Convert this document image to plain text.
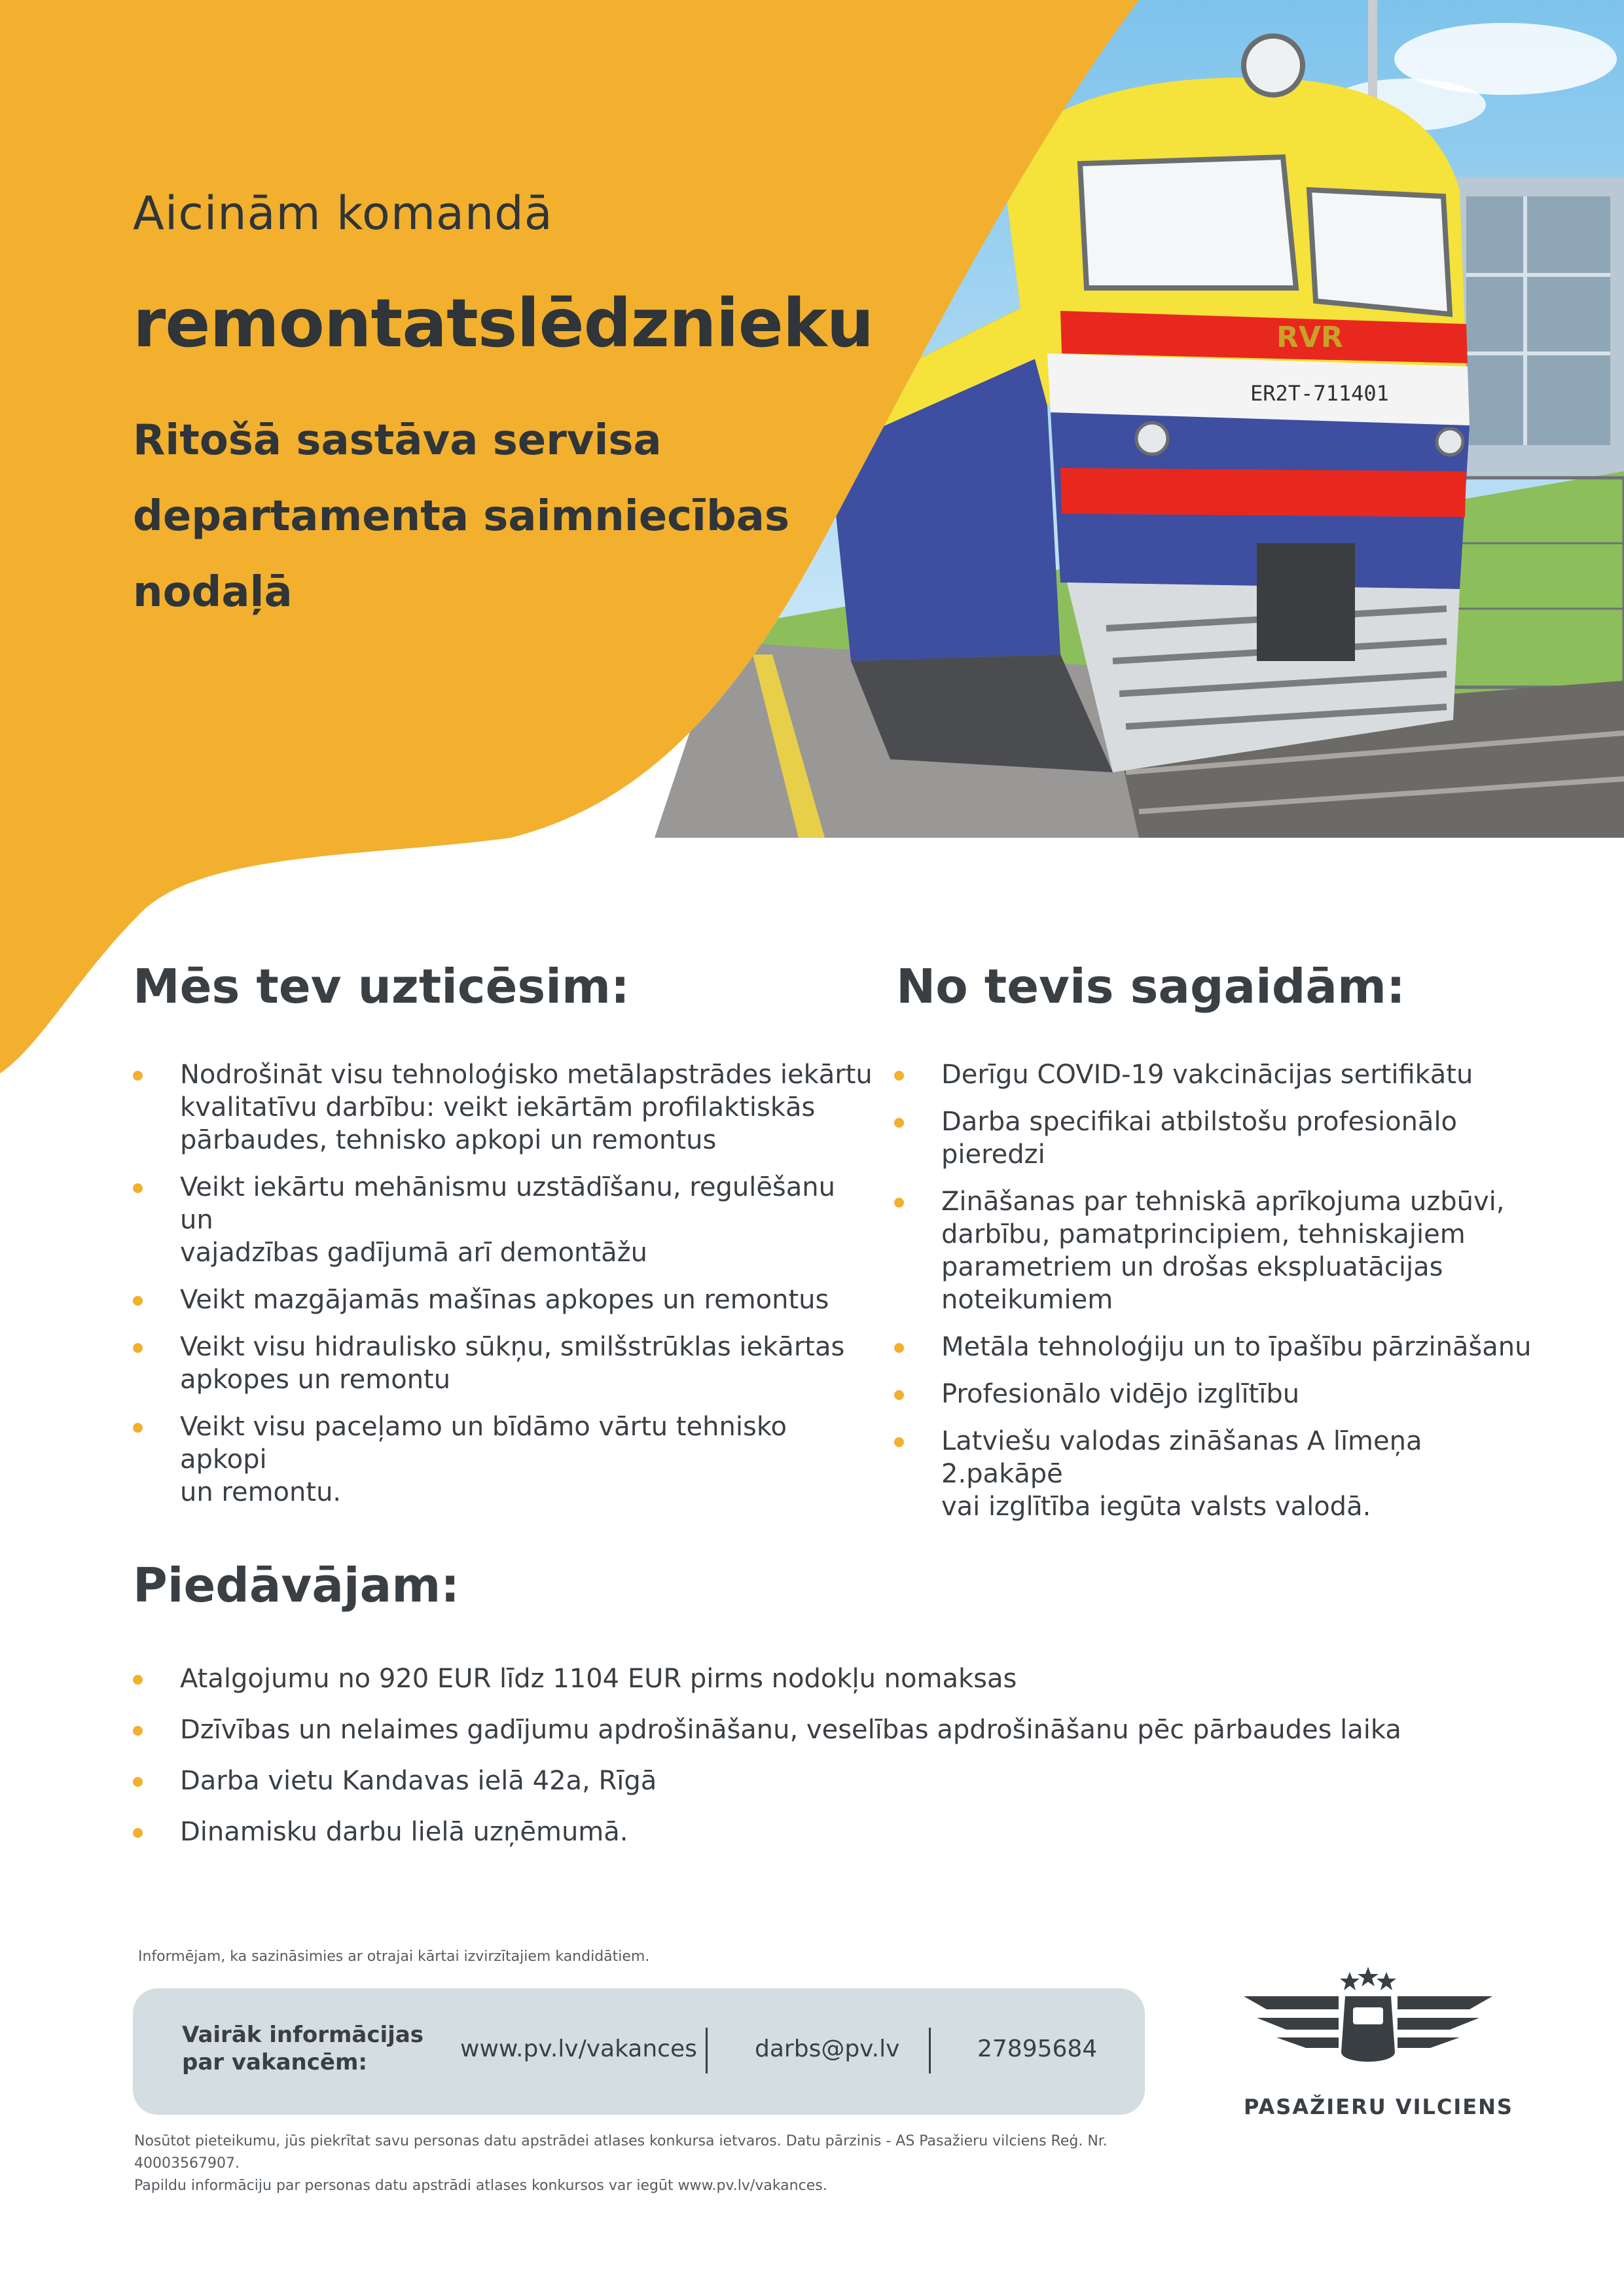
ER2T-711401
RVR
Aicinām komandā
remontatslēdznieku
Ritošā sastāva servisa
departamenta saimniecības
nodaļā
Mēs tev uzticēsim:
Nodrošināt visu tehnoloģisko metālapstrādes iekārtu
kvalitatīvu darbību: veikt iekārtām profilaktiskās
pārbaudes, tehnisko apkopi un remontus
Veikt iekārtu mehānismu uzstādīšanu, regulēšanu un
vajadzības gadījumā arī demontāžu
Veikt mazgājamās mašīnas apkopes un remontus
Veikt visu hidraulisko sūkņu, smilšstrūklas iekārtas
apkopes un remontu
Veikt visu paceļamo un bīdāmo vārtu tehnisko apkopi
un remontu.
No tevis sagaidām:
Derīgu COVID-19 vakcinācijas sertifikātu
Darba specifikai atbilstošu profesionālo pieredzi
Zināšanas par tehniskā aprīkojuma uzbūvi,
darbību, pamatprincipiem, tehniskajiem
parametriem un drošas ekspluatācijas
noteikumiem
Metāla tehnoloģiju un to īpašību pārzināšanu
Profesionālo vidējo izglītību
Latviešu valodas zināšanas A līmeņa 2.pakāpē
vai izglītība iegūta valsts valodā.
Piedāvājam:
Atalgojumu no 920 EUR līdz 1104 EUR pirms nodokļu nomaksas
Dzīvības un nelaimes gadījumu apdrošināšanu, veselības apdrošināšanu pēc pārbaudes laika
Darba vietu Kandavas ielā 42a, Rīgā
Dinamisku darbu lielā uzņēmumā.
Informējam, ka sazināsimies ar otrajai kārtai izvirzītajiem kandidātiem.
Vairāk informācijas
par vakancēm:	www.pv.lv/vakances darbs@pv.lv	27895684
Nosūtot pieteikumu, jūs piekrītat savu personas datu apstrādei atlases konkursa ietvaros. Datu pārzinis - AS Pasažieru vilciens Reģ. Nr. 40003567907.
Papildu informāciju par personas datu apstrādi atlases konkursos var iegūt www.pv.lv/vakances.
PASAŽIERU VILCIENS
